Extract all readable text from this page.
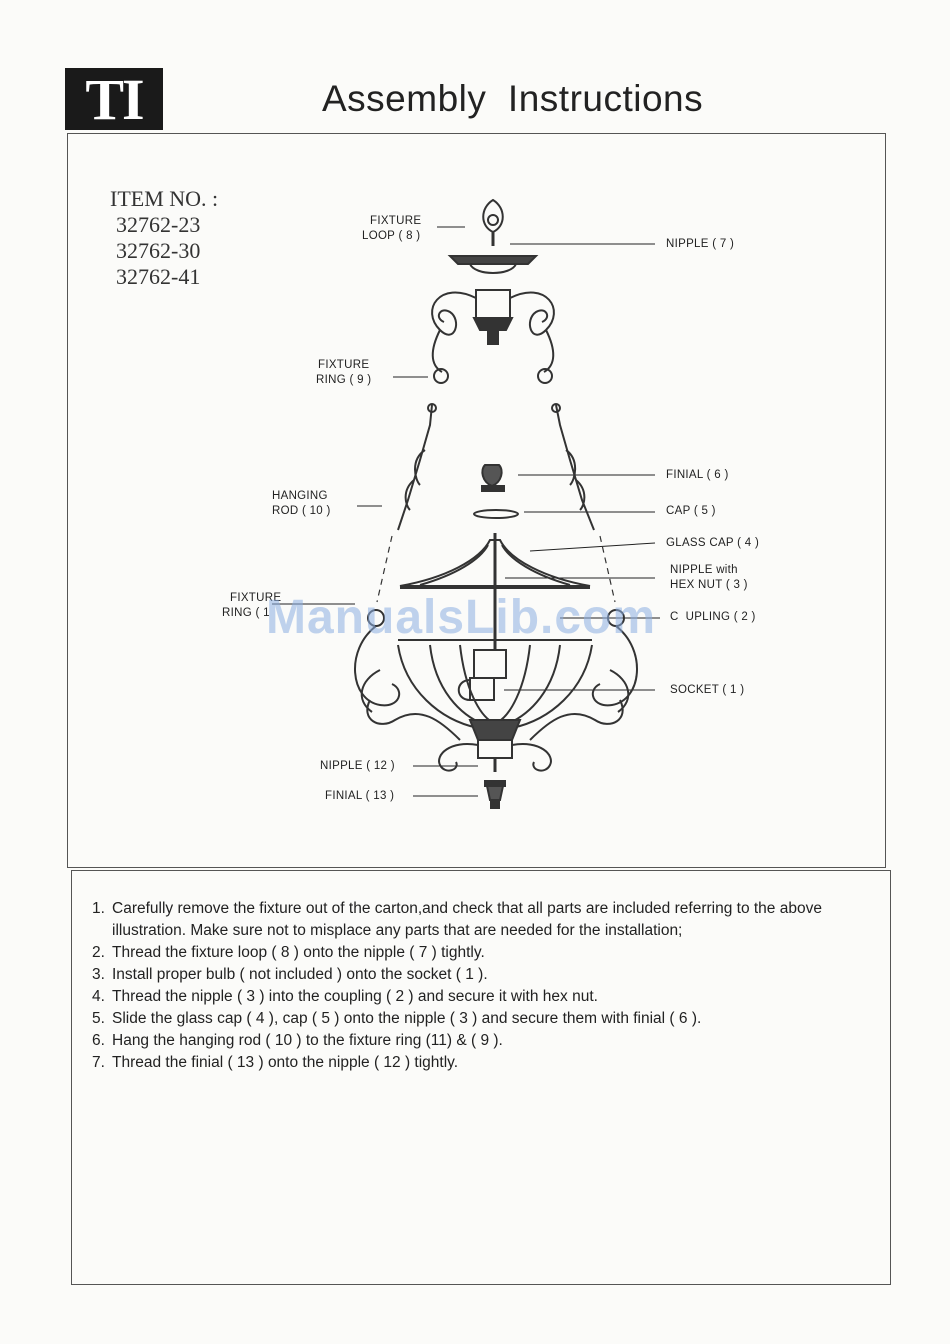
TI	Assembly  Instructions
ITEM NO. :
32762-23
32762-30
32762-41
FIXTURE
LOOP ( 8 )
NIPPLE ( 7 )
FIXTURE
RING ( 9 )
FINIAL ( 6 )
HANGING
ROD ( 10 )	CAP ( 5 )
GLASS CAP ( 4 )
NIPPLE with
HEX NUT ( 3 )
FIXTURE
RING ( 1	C  UPLING ( 2 )
SOCKET ( 1 )
NIPPLE ( 12 )
FINIAL ( 13 )
ManualsLib.com
1. Carefully remove the fixture out of the carton,and check that all parts are included referring to the above illustration. Make sure not to misplace any parts that are needed for the installation;
2. Thread the fixture loop ( 8 ) onto the nipple ( 7 ) tightly.
3. Install proper bulb ( not included ) onto the socket ( 1 ).
4. Thread the nipple ( 3 ) into the coupling ( 2 ) and secure it with hex nut.
5. Slide the glass cap ( 4 ), cap ( 5 ) onto the nipple ( 3 ) and secure them with finial ( 6 ).
6. Hang the hanging rod ( 10 ) to the fixture ring (11) & ( 9 ).
7. Thread the finial ( 13 ) onto the nipple ( 12 ) tightly.
